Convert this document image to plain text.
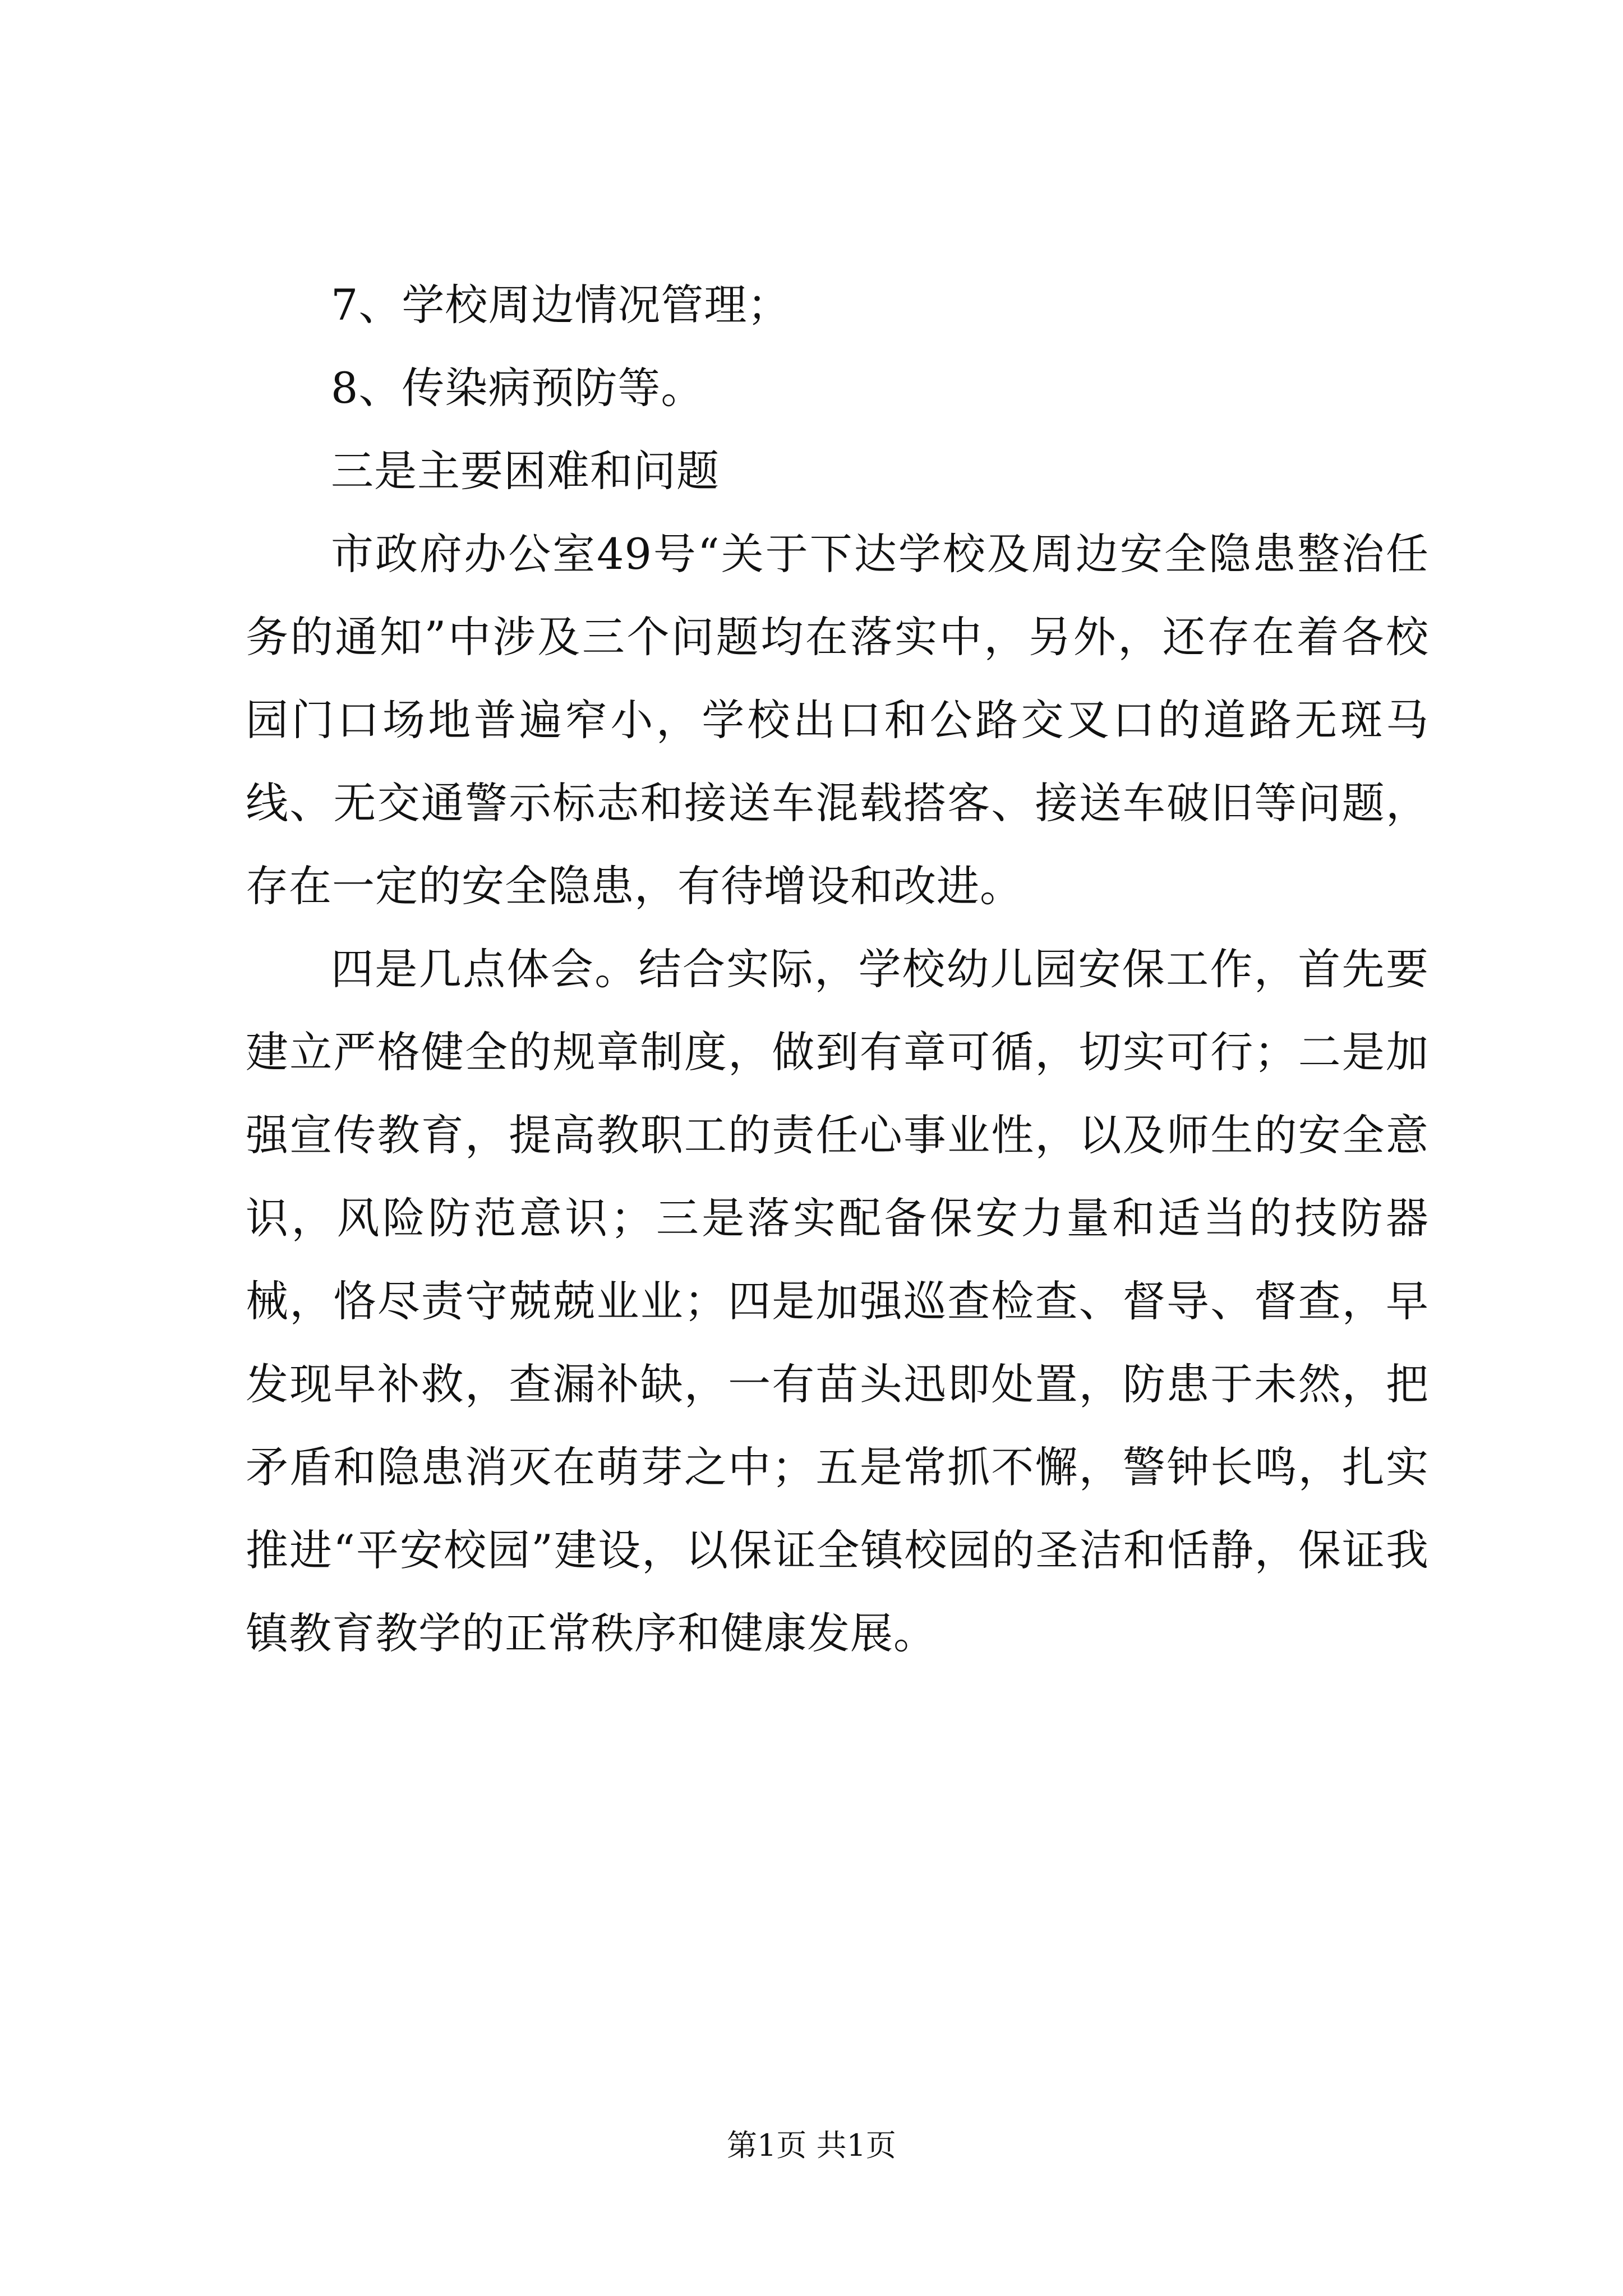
7、学校周边情况管理；

8、传染病预防等。

三是主要困难和问题

市政府办公室49号“关于下达学校及周边安全隐患整治任务的通知”中涉及三个问题均在落实中，另外，还存在着各校园门口场地普遍窄小，学校出口和公路交叉口的道路无斑马线、无交通警示标志和接送车混载搭客、接送车破旧等问题，存在一定的安全隐患，有待增设和改进。

四是几点体会。结合实际，学校幼儿园安保工作，首先要建立严格健全的规章制度，做到有章可循，切实可行；二是加强宣传教育，提高教职工的责任心事业性，以及师生的安全意识，风险防范意识；三是落实配备保安力量和适当的技防器械，恪尽责守兢兢业业；四是加强巡查检查、督导、督查，早发现早补救，查漏补缺，一有苗头迅即处置，防患于未然，把矛盾和隐患消灭在萌芽之中；五是常抓不懈，警钟长鸣，扎实推进“平安校园”建设，以保证全镇校园的圣洁和恬静，保证我镇教育教学的正常秩序和健康发展。

第1页 共1页
